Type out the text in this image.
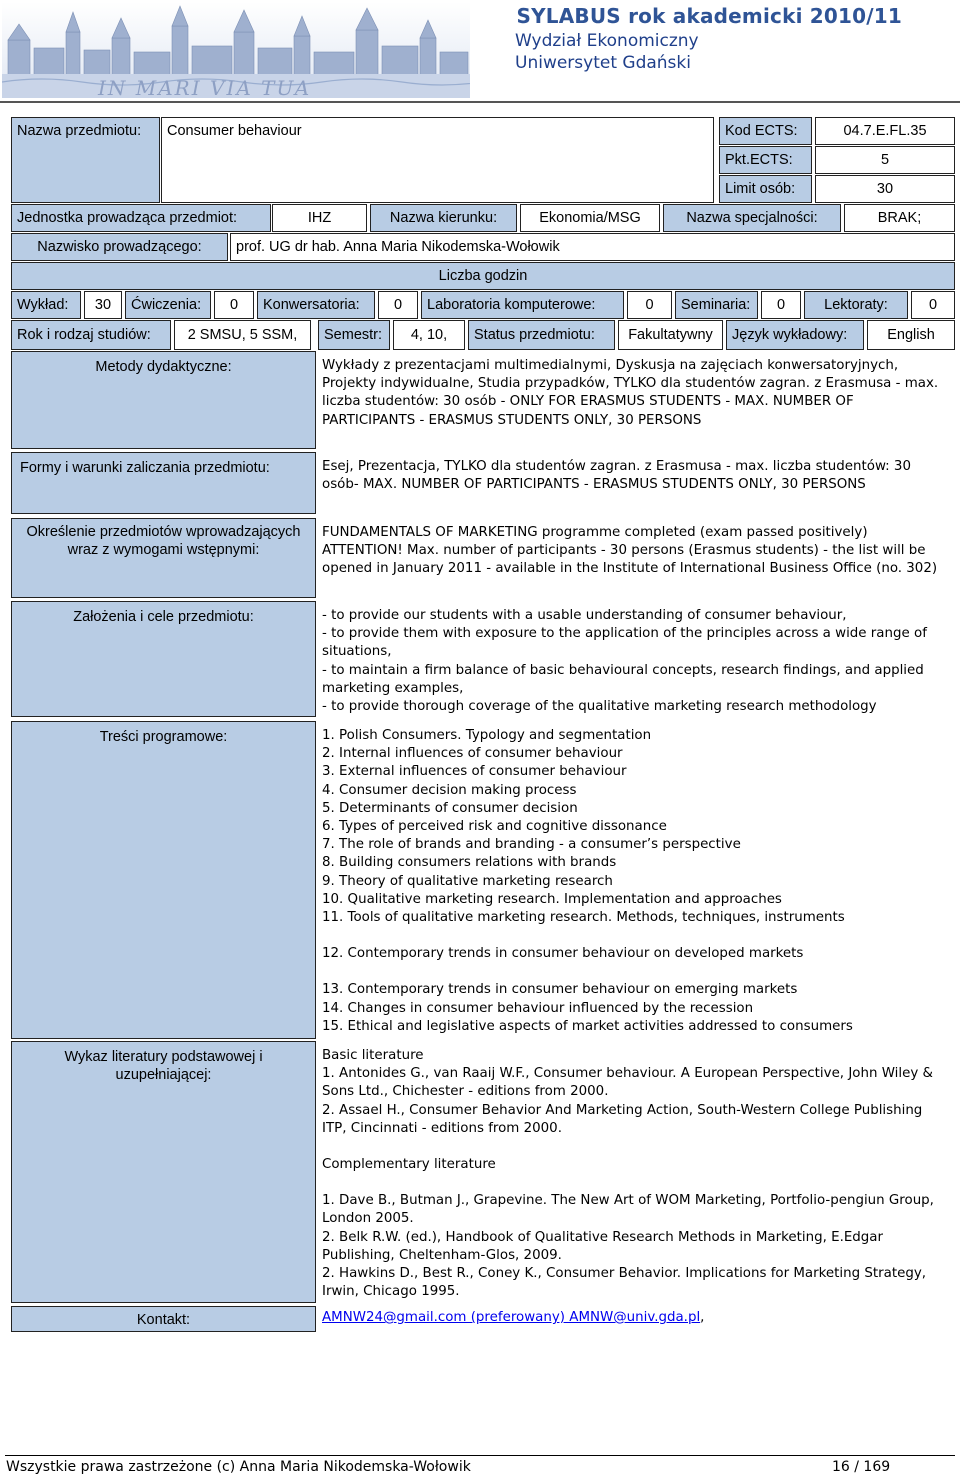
IN MARI VIA TUA
SYLABUS rok akademicki 2010/11
Wydział Ekonomiczny
Uniwersytet Gdański
Nazwa przedmiotu:	Consumer behaviour	Kod ECTS:	04.7.E.FL.35
Pkt.ECTS:	5
Limit osób:	30
Jednostka prowadząca przedmiot:	IHZ	Nazwa kierunku:	Ekonomia/MSG	Nazwa specjalności:	BRAK;
Nazwisko prowadzącego:	prof. UG dr hab. Anna Maria Nikodemska-Wołowik
Liczba godzin
Wykład:	30	Ćwiczenia:	0	Konwersatoria:	0	Laboratoria komputerowe:	0	Seminaria:	0	Lektoraty:	0
Rok i rodzaj studiów:	2 SMSU, 5 SSM,	Semestr:	4, 10,	Status przedmiotu:	Fakultatywny	Język wykładowy:	English
Metody dydaktyczne:	Wykłady z prezentacjami multimedialnymi, Dyskusja na zajęciach konwersatoryjnych, Projekty indywidualne, Studia przypadków, TYLKO dla studentów zagran. z Erasmusa - max. liczba studentów: 30 osób - ONLY FOR ERASMUS STUDENTS - MAX. NUMBER OF PARTICIPANTS - ERASMUS STUDENTS ONLY, 30 PERSONS
Formy i warunki zaliczania przedmiotu:	Esej, Prezentacja, TYLKO dla studentów zagran. z Erasmusa - max. liczba studentów: 30 osób- MAX. NUMBER OF PARTICIPANTS - ERASMUS STUDENTS ONLY, 30 PERSONS
Określenie przedmiotów wprowadzających wraz z wymogami wstępnymi:
FUNDAMENTALS OF MARKETING programme completed (exam passed positively) ATTENTION! Max. number of participants - 30 persons (Erasmus students) - the list will be opened in January 2011 - available in the Institute of International Business Office (no. 302)
Założenia i cele przedmiotu:	- to provide our students with a usable understanding of consumer behaviour,

- to provide them with exposure to the application of the principles across a wide range of situations,

- to maintain a firm balance of basic behavioural concepts, research findings, and applied marketing examples,

- to provide thorough coverage of the qualitative marketing research methodology

Treści programowe:	1. Polish Consumers. Typology and segmentation

2. Internal influences of consumer behaviour

3. External influences of consumer behaviour

4. Consumer decision making process

5. Determinants of consumer decision

6. Types of perceived risk and cognitive dissonance

7. The role of brands and branding - a consumer’s perspective

8. Building consumers relations with brands

9. Theory of qualitative marketing research

10. Qualitative marketing research. Implementation and approaches

11. Tools of qualitative marketing research. Methods, techniques, instruments

12. Contemporary trends in consumer behaviour on developed markets

13. Contemporary trends in consumer behaviour on emerging markets

14. Changes in consumer behaviour influenced by the recession

15. Ethical and legislative aspects of market activities addressed to consumers

Wykaz literatury podstawowej i uzupełniającej:

Basic literature

1. Antonides G., van Raaij W.F., Consumer behaviour. A European Perspective, John Wiley & Sons Ltd., Chichester - editions from 2000.

2. Assael H., Consumer Behavior And Marketing Action, South-Western College Publishing ITP, Cincinnati - editions from 2000.

Complementary literature

1. Dave B., Butman J., Grapevine. The New Art of WOM Marketing, Portfolio-pengiun Group, London 2005.

2. Belk R.W. (ed.), Handbook of Qualitative Research Methods in Marketing, E.Edgar Publishing, Cheltenham-Glos, 2009.

2. Hawkins D., Best R., Coney K., Consumer Behavior. Implications for Marketing Strategy, Irwin, Chicago 1995.

Kontakt:	AMNW24@gmail.com (preferowany) AMNW@univ.gda.pl,
Wszystkie prawa zastrzeżone (c) Anna Maria Nikodemska-Wołowik	16 / 169
